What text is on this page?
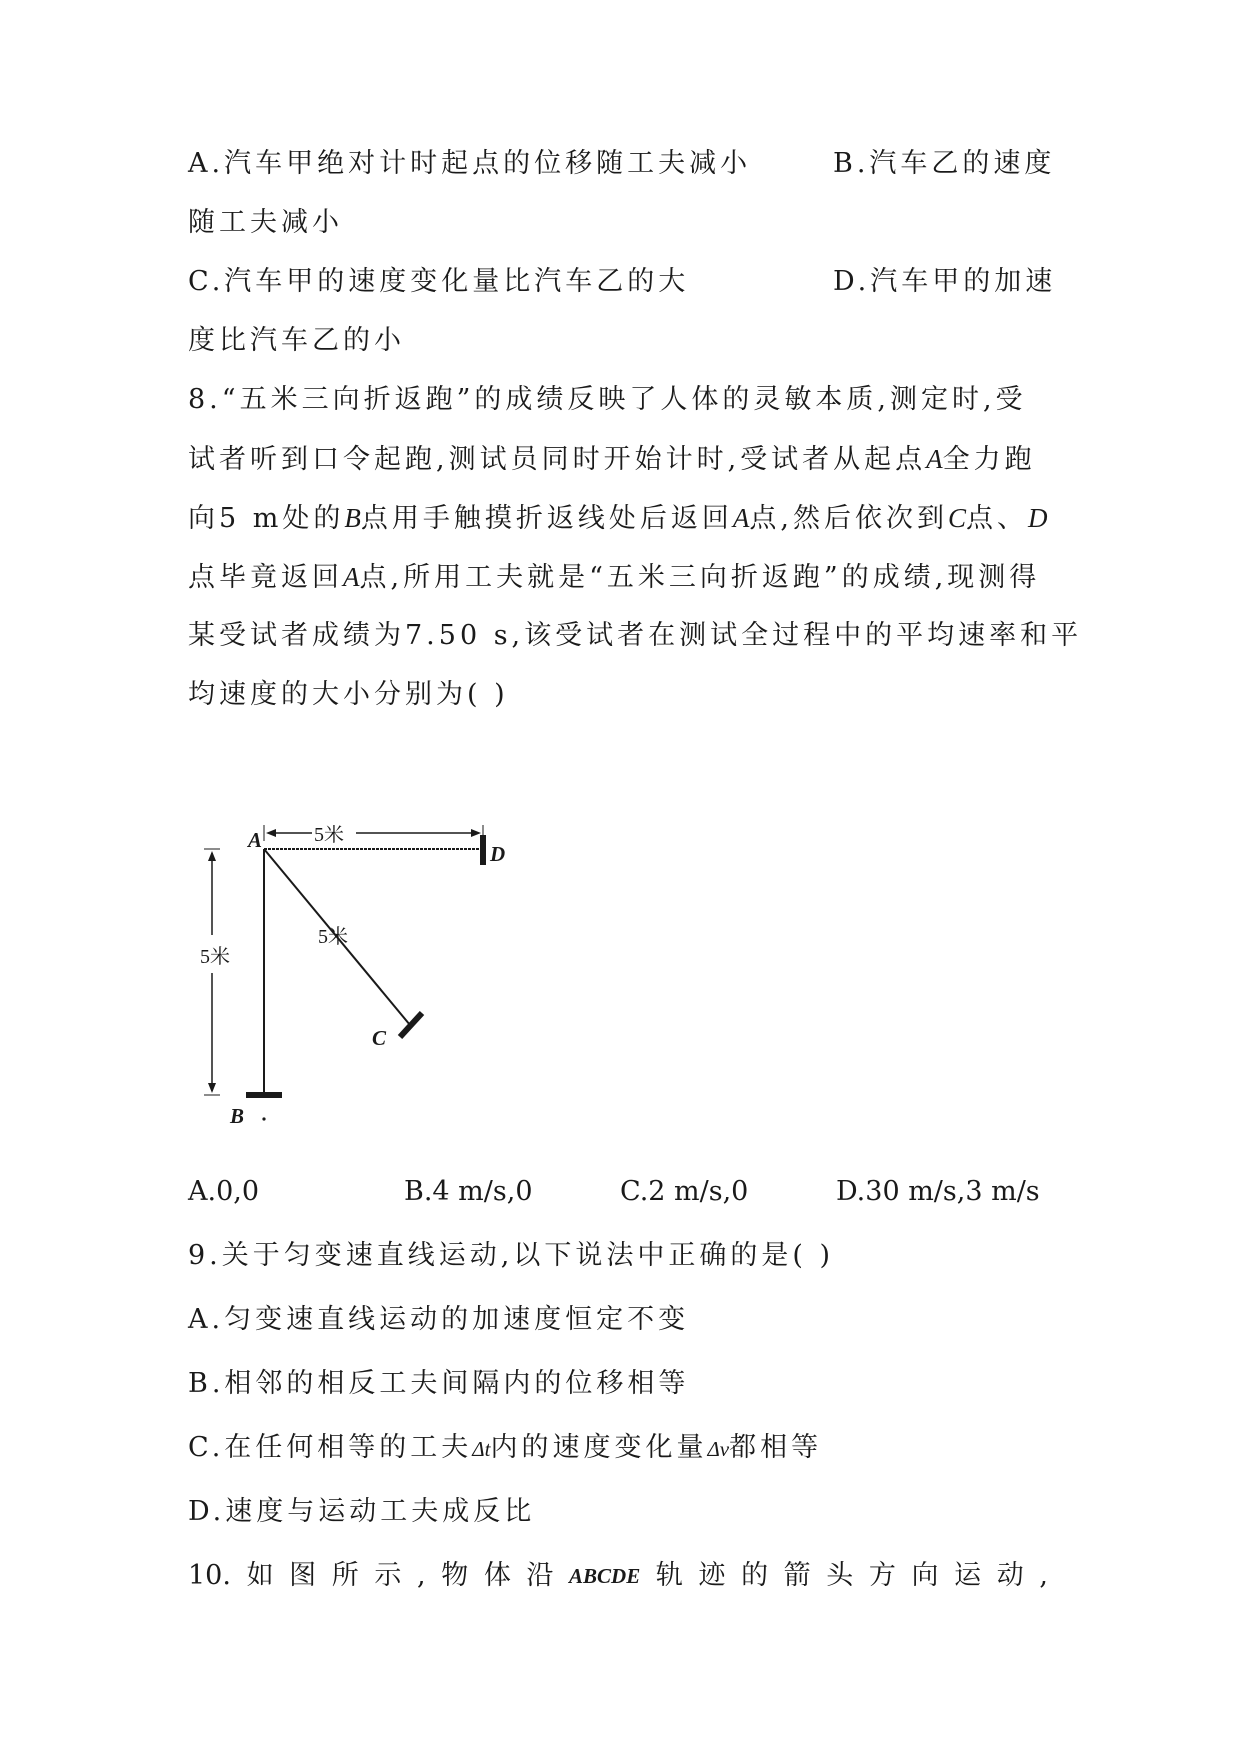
A.汽车甲绝对计时起点的位移随工夫减小	B.汽车乙的速度
随工夫减小
C.汽车甲的速度变化量比汽车乙的大	D.汽车甲的加速
度比汽车乙的小
8.“五米三向折返跑”的成绩反映了人体的灵敏本质,测定时,受
试者听到口令起跑,测试员同时开始计时,受试者从起点A全力跑
向5 m处的B点用手触摸折返线处后返回A点,然后依次到C点、D
点毕竟返回A点,所用工夫就是“五米三向折返跑”的成绩,现测得
某受试者成绩为7.50 s,该受试者在测试全过程中的平均速率和平
均速度的大小分别为( )
5米
5米
5米
A
D
C
B
A.0,0	B.4 m/s,0	C.2 m/s,0	D.30 m/s,3 m/s
9.关于匀变速直线运动,以下说法中正确的是( )
A.匀变速直线运动的加速度恒定不变
B.相邻的相反工夫间隔内的位移相等
C.在任何相等的工夫Δt内的速度变化量Δv都相等
D.速度与运动工夫成反比
10. 如 图 所 示 , 物 体 沿 ABCDE 轨 迹 的 箭 头 方 向 运 动 ,
